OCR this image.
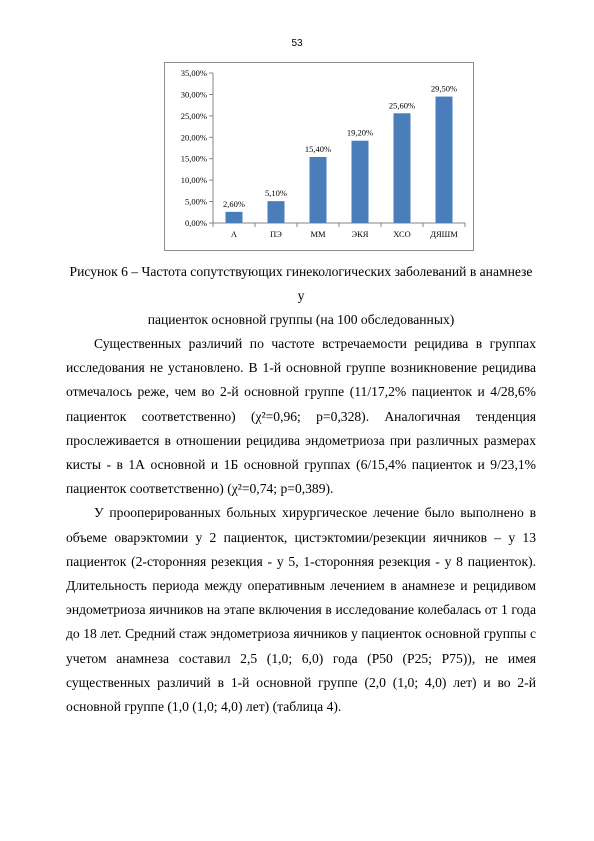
53
0,00%
5,00%
10,00%
15,00%
20,00%
25,00%
30,00%
35,00%
2,60%
А
5,10%
ПЭ
15,40%
ММ
19,20%
ЭКЯ
25,60%
ХСО
29,50%
ДЯШМ
Рисунок 6 – Частота сопутствующих гинекологических заболеваний в анамнезе у
пациенток основной группы (на 100 обследованных)

Существенных различий по частоте встречаемости рецидива в группах исследования не установлено. В 1-й основной группе возникновение рецидива отмечалось реже, чем во 2-й основной группе (11/17,2% пациенток и 4/28,6% пациенток соответственно) (χ²=0,96; р=0,328). Аналогичная тенденция прослеживается в отношении рецидива эндометриоза при различных размерах кисты - в 1А основной и 1Б основной группах (6/15,4% пациенток и 9/23,1% пациенток соответственно) (χ²=0,74; р=0,389).

У прооперированных больных хирургическое лечение было выполнено в объеме оварэктомии у 2 пациенток, цистэктомии/резекции яичников – у 13 пациенток (2-сторонняя резекция - у 5, 1-сторонняя резекция - у 8 пациенток). Длительность периода между оперативным лечением в анамнезе и рецидивом эндометриоза яичников на этапе включения в исследование колебалась от 1 года до 18 лет. Средний стаж эндометриоза яичников у пациенток основной группы с учетом анамнеза составил 2,5 (1,0; 6,0) года (P50 (P25; P75)), не имея существенных различий в 1-й основной группе (2,0 (1,0; 4,0) лет) и во 2-й основной группе (1,0 (1,0; 4,0) лет) (таблица 4).
